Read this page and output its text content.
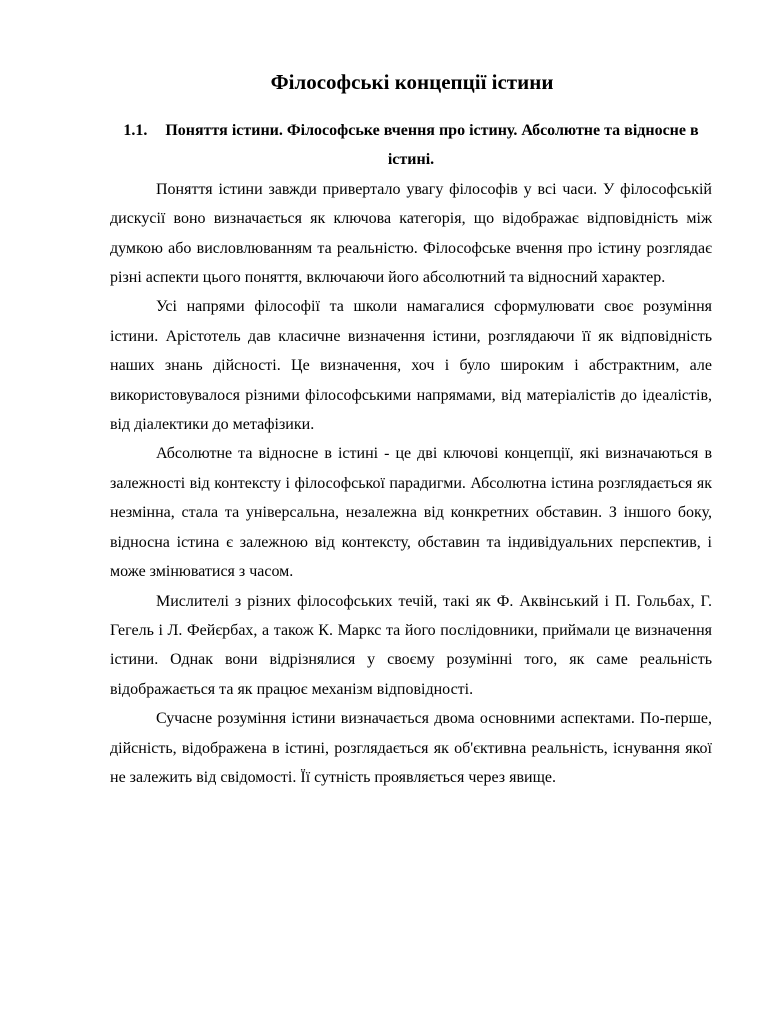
Філософські концепції істини
1.1. Поняття істини. Філософське вчення про істину. Абсолютне та відносне в істині.

Поняття істини завжди привертало увагу філософів у всі часи. У філософській дискусії воно визначається як ключова категорія, що відображає відповідність між думкою або висловлюванням та реальністю. Філософське вчення про істину розглядає різні аспекти цього поняття, включаючи його абсолютний та відносний характер.

Усі напрями філософії та школи намагалися сформулювати своє розуміння істини. Арістотель дав класичне визначення істини, розглядаючи її як відповідність наших знань дійсності. Це визначення, хоч і було широким і абстрактним, але використовувалося різними філософськими напрямами, від матеріалістів до ідеалістів, від діалектики до метафізики.

Абсолютне та відносне в істині - це дві ключові концепції, які визначаються в залежності від контексту і філософської парадигми. Абсолютна істина розглядається як незмінна, стала та універсальна, незалежна від конкретних обставин. З іншого боку, відносна істина є залежною від контексту, обставин та індивідуальних перспектив, і може змінюватися з часом.

Мислителі з різних філософських течій, такі як Ф. Аквінський і П. Гольбах, Г. Гегель і Л. Фейєрбах, а також К. Маркс та його послідовники, приймали це визначення істини. Однак вони відрізнялися у своєму розумінні того, як саме реальність відображається та як працює механізм відповідності.

Сучасне розуміння істини визначається двома основними аспектами. По-перше, дійсність, відображена в істині, розглядається як об'єктивна реальність, існування якої не залежить від свідомості. Її сутність проявляється через явище.
